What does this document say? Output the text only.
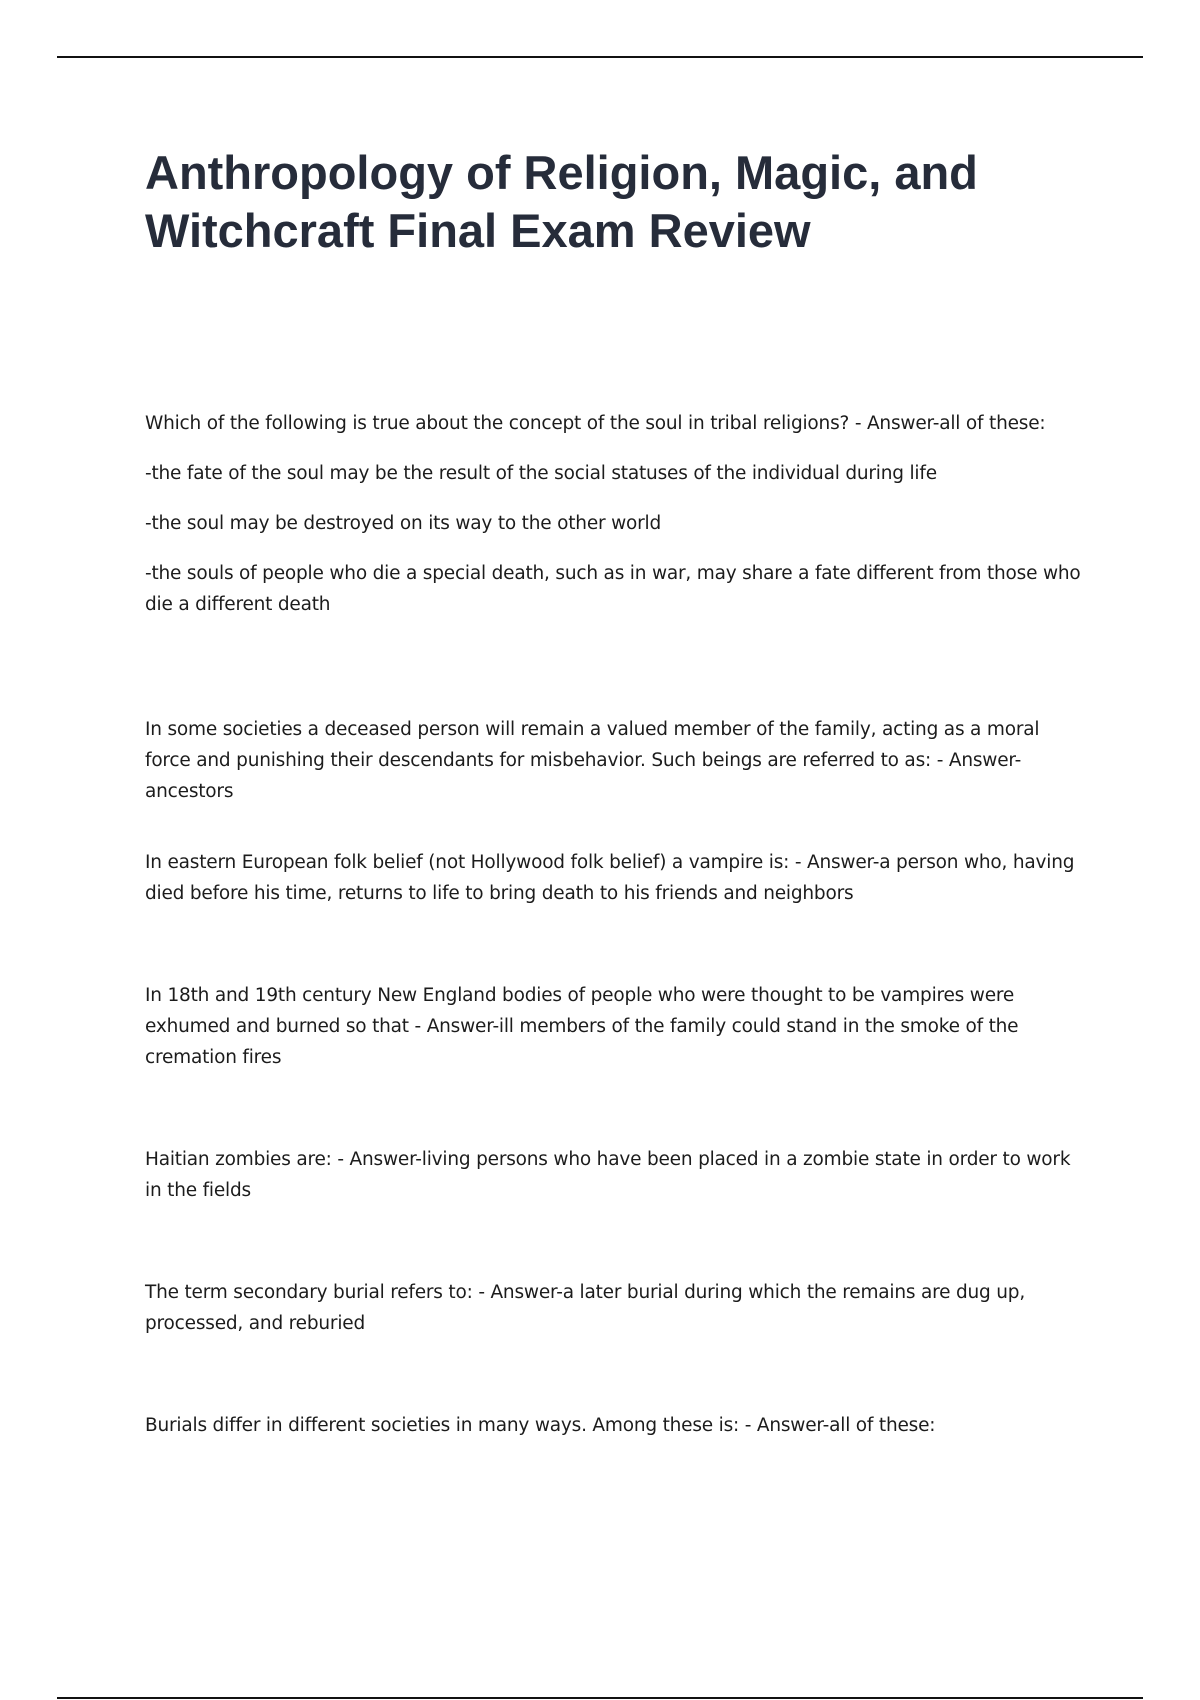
Anthropology of Religion, Magic, and Witchcraft Final Exam Review

Which of the following is true about the concept of the soul in tribal religions? - Answer-all of these:

-the fate of the soul may be the result of the social statuses of the individual during life

-the soul may be destroyed on its way to the other world

-the souls of people who die a special death, such as in war, may share a fate different from those who die a different death

In some societies a deceased person will remain a valued member of the family, acting as a moral force and punishing their descendants for misbehavior. Such beings are referred to as: - Answer-ancestors

In eastern European folk belief (not Hollywood folk belief) a vampire is: - Answer-a person who, having died before his time, returns to life to bring death to his friends and neighbors

In 18th and 19th century New England bodies of people who were thought to be vampires were exhumed and burned so that - Answer-ill members of the family could stand in the smoke of the cremation fires

Haitian zombies are: - Answer-living persons who have been placed in a zombie state in order to work in the fields

The term secondary burial refers to: - Answer-a later burial during which the remains are dug up, processed, and reburied

Burials differ in different societies in many ways. Among these is: - Answer-all of these:
